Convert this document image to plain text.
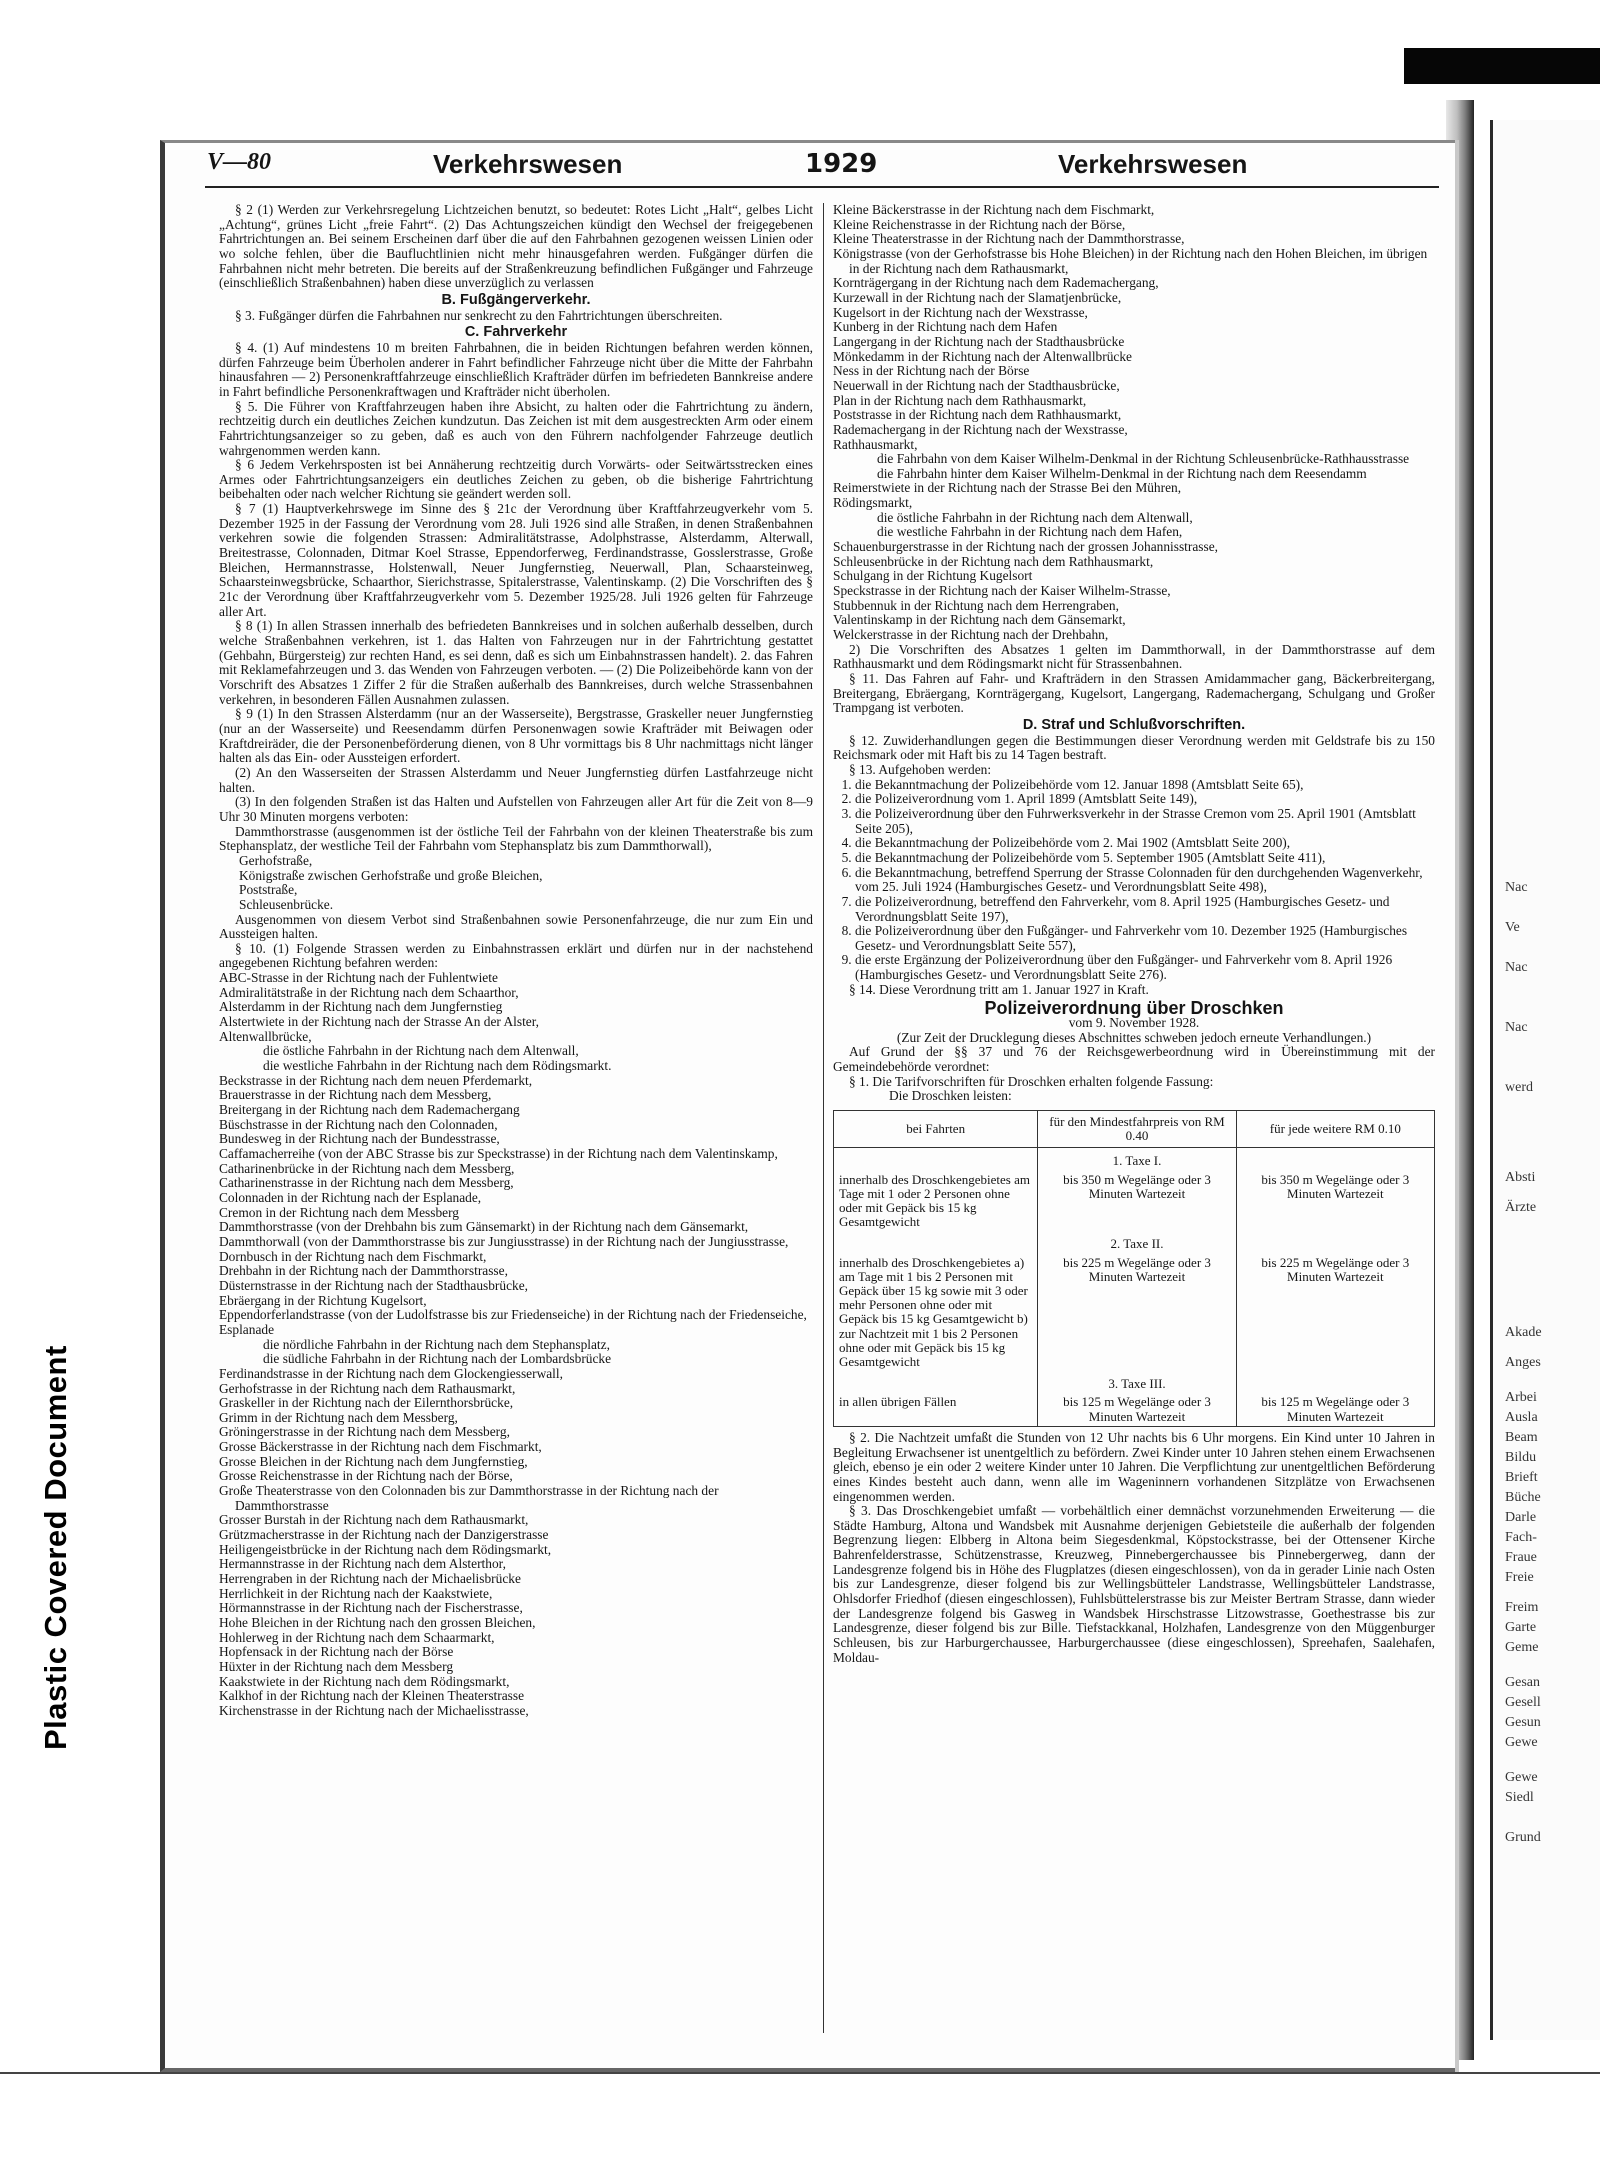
Nac
Ve
Nac
Nac
werd
Absti
Ärzte
Akade
Anges
Arbei
Ausla
Beam
Bildu
Brieft
Büche
Darle
Fach-
Fraue
Freie
Freim
Garte
Geme
Gesan
Gesell
Gesun
Gewe
Gewe
Siedl
Grund
Plastic Covered Document
V—80	Verkehrswesen	1929	Verkehrswesen

§ 2 (1) Werden zur Verkehrsregelung Lichtzeichen benutzt, so bedeutet: Rotes Licht „Halt“, gelbes Licht „Achtung“, grünes Licht „freie Fahrt“. (2) Das Achtungszeichen kündigt den Wechsel der freigegebenen Fahrtrichtungen an. Bei seinem Erscheinen darf über die auf den Fahrbahnen gezogenen weissen Linien oder wo solche fehlen, über die Baufluchtlinien nicht mehr hinausgefahren werden. Fußgänger dürfen die Fahrbahnen nicht mehr betreten. Die bereits auf der Straßenkreuzung befindlichen Fußgänger und Fahrzeuge (einschließlich Straßenbahnen) haben diese unverzüglich zu verlassen

B. Fußgängerverkehr.

§ 3. Fußgänger dürfen die Fahrbahnen nur senkrecht zu den Fahrtrichtungen überschreiten.

C. Fahrverkehr

§ 4. (1) Auf mindestens 10 m breiten Fahrbahnen, die in beiden Richtungen befahren werden können, dürfen Fahrzeuge beim Überholen anderer in Fahrt befindlicher Fahrzeuge nicht über die Mitte der Fahrbahn hinausfahren — 2) Personenkraftfahrzeuge einschließlich Krafträder dürfen im befriedeten Bannkreise andere in Fahrt befindliche Personenkraftwagen und Krafträder nicht überholen.

§ 5. Die Führer von Kraftfahrzeugen haben ihre Absicht, zu halten oder die Fahrtrichtung zu ändern, rechtzeitig durch ein deutliches Zeichen kundzutun. Das Zeichen ist mit dem ausgestreckten Arm oder einem Fahrtrichtungsanzeiger so zu geben, daß es auch von den Führern nachfolgender Fahrzeuge deutlich wahrgenommen werden kann.

§ 6 Jedem Verkehrsposten ist bei Annäherung rechtzeitig durch Vorwärts- oder Seitwärtsstrecken eines Armes oder Fahrtrichtungsanzeigers ein deutliches Zeichen zu geben, ob die bisherige Fahrtrichtung beibehalten oder nach welcher Richtung sie geändert werden soll.

§ 7 (1) Hauptverkehrswege im Sinne des § 21c der Verordnung über Kraftfahrzeugverkehr vom 5. Dezember 1925 in der Fassung der Verordnung vom 28. Juli 1926 sind alle Straßen, in denen Straßenbahnen verkehren sowie die folgenden Strassen: Admiralitätstrasse, Adolphstrasse, Alsterdamm, Alterwall, Breitestrasse, Colonnaden, Ditmar Koel Strasse, Eppendorferweg, Ferdinandstrasse, Gosslerstrasse, Große Bleichen, Hermannstrasse, Holstenwall, Neuer Jungfernstieg, Neuerwall, Plan, Schaarsteinweg, Schaarsteinwegsbrücke, Schaarthor, Sierichstrasse, Spitalerstrasse, Valentinskamp. (2) Die Vorschriften des § 21c der Verordnung über Kraftfahrzeugverkehr vom 5. Dezember 1925/28. Juli 1926 gelten für Fahrzeuge aller Art.

§ 8 (1) In allen Strassen innerhalb des befriedeten Bannkreises und in solchen außerhalb desselben, durch welche Straßenbahnen verkehren, ist 1. das Halten von Fahrzeugen nur in der Fahrtrichtung gestattet (Gehbahn, Bürgersteig) zur rechten Hand, es sei denn, daß es sich um Einbahnstrassen handelt). 2. das Fahren mit Reklamefahrzeugen und 3. das Wenden von Fahrzeugen verboten. — (2) Die Polizeibehörde kann von der Vorschrift des Absatzes 1 Ziffer 2 für die Straßen außerhalb des Bannkreises, durch welche Strassenbahnen verkehren, in besonderen Fällen Ausnahmen zulassen.

§ 9 (1) In den Strassen Alsterdamm (nur an der Wasserseite), Bergstrasse, Graskeller neuer Jungfernstieg (nur an der Wasserseite) und Reesendamm dürfen Personenwagen sowie Krafträder mit Beiwagen oder Kraftdreiräder, die der Personenbeförderung dienen, von 8 Uhr vormittags bis 8 Uhr nachmittags nicht länger halten als das Ein- oder Aussteigen erfordert.

(2) An den Wasserseiten der Strassen Alsterdamm und Neuer Jungfernstieg dürfen Lastfahrzeuge nicht halten.

(3) In den folgenden Straßen ist das Halten und Aufstellen von Fahrzeugen aller Art für die Zeit von 8—9 Uhr 30 Minuten morgens verboten:

Dammthorstrasse (ausgenommen ist der östliche Teil der Fahrbahn von der kleinen Theaterstraße bis zum Stephansplatz, der westliche Teil der Fahrbahn vom Stephansplatz bis zum Dammthorwall),

Gerhofstraße,
Königstraße zwischen Gerhofstraße und große Bleichen,
Poststraße,
Schleusenbrücke.

Ausgenommen von diesem Verbot sind Straßenbahnen sowie Personenfahrzeuge, die nur zum Ein und Aussteigen halten.

§ 10. (1) Folgende Strassen werden zu Einbahnstrassen erklärt und dürfen nur in der nachstehend angegebenen Richtung befahren werden:

ABC-Strasse in der Richtung nach der Fuhlentwiete
Admiralitätstraße in der Richtung nach dem Schaarthor,
Alsterdamm in der Richtung nach dem Jungfernstieg
Alstertwiete in der Richtung nach der Strasse An der Alster,
Altenwallbrücke,
die östliche Fahrbahn in der Richtung nach dem Altenwall,
die westliche Fahrbahn in der Richtung nach dem Rödingsmarkt.
Beckstrasse in der Richtung nach dem neuen Pferdemarkt,
Brauerstrasse in der Richtung nach dem Messberg,
Breitergang in der Richtung nach dem Rademachergang
Büschstrasse in der Richtung nach den Colonnaden,
Bundesweg in der Richtung nach der Bundesstrasse,
Caffamacherreihe (von der ABC Strasse bis zur Speckstrasse) in der Richtung nach dem Valentinskamp,
Catharinenbrücke in der Richtung nach dem Messberg,
Catharinenstrasse in der Richtung nach dem Messberg,
Colonnaden in der Richtung nach der Esplanade,
Cremon in der Richtung nach dem Messberg
Dammthorstrasse (von der Drehbahn bis zum Gänsemarkt) in der Richtung nach dem Gänsemarkt,
Dammthorwall (von der Dammthorstrasse bis zur Jungiusstrasse) in der Richtung nach der Jungiusstrasse,
Dornbusch in der Richtung nach dem Fischmarkt,
Drehbahn in der Richtung nach der Dammthorstrasse,
Düsternstrasse in der Richtung nach der Stadthausbrücke,
Ebräergang in der Richtung Kugelsort,
Eppendorferlandstrasse (von der Ludolfstrasse bis zur Friedenseiche) in der Richtung nach der Friedenseiche,
Esplanade
die nördliche Fahrbahn in der Richtung nach dem Stephansplatz,
die südliche Fahrbahn in der Richtung nach der Lombardsbrücke
Ferdinandstrasse in der Richtung nach dem Glockengiesserwall,
Gerhofstrasse in der Richtung nach dem Rathausmarkt,
Graskeller in der Richtung nach der Eilernthorsbrücke,
Grimm in der Richtung nach dem Messberg,
Gröningerstrasse in der Richtung nach dem Messberg,
Grosse Bäckerstrasse in der Richtung nach dem Fischmarkt,
Grosse Bleichen in der Richtung nach dem Jungfernstieg,
Grosse Reichenstrasse in der Richtung nach der Börse,
Große Theaterstrasse von den Colonnaden bis zur Dammthorstrasse in der Richtung nach der Dammthorstrasse
Grosser Burstah in der Richtung nach dem Rathausmarkt,
Grützmacherstrasse in der Richtung nach der Danzigerstrasse
Heiligengeistbrücke in der Richtung nach dem Rödingsmarkt,
Hermannstrasse in der Richtung nach dem Alsterthor,
Herrengraben in der Richtung nach der Michaelisbrücke
Herrlichkeit in der Richtung nach der Kaakstwiete,
Hörmannstrasse in der Richtung nach der Fischerstrasse,
Hohe Bleichen in der Richtung nach den grossen Bleichen,
Hohlerweg in der Richtung nach dem Schaarmarkt,
Hopfensack in der Richtung nach der Börse
Hüxter in der Richtung nach dem Messberg
Kaakstwiete in der Richtung nach dem Rödingsmarkt,
Kalkhof in der Richtung nach der Kleinen Theaterstrasse
Kirchenstrasse in der Richtung nach der Michaelisstrasse,
Kleine Bäckerstrasse in der Richtung nach dem Fischmarkt,
Kleine Reichenstrasse in der Richtung nach der Börse,
Kleine Theaterstrasse in der Richtung nach der Dammthorstrasse,
Königstrasse (von der Gerhofstrasse bis Hohe Bleichen) in der Richtung nach den Hohen Bleichen, im übrigen in der Richtung nach dem Rathausmarkt,
Kornträgergang in der Richtung nach dem Rademachergang,
Kurzewall in der Richtung nach der Slamatjenbrücke,
Kugelsort in der Richtung nach der Wexstrasse,
Kunberg in der Richtung nach dem Hafen
Langergang in der Richtung nach der Stadthausbrücke
Mönkedamm in der Richtung nach der Altenwallbrücke
Ness in der Richtung nach der Börse
Neuerwall in der Richtung nach der Stadthausbrücke,
Plan in der Richtung nach dem Rathhausmarkt,
Poststrasse in der Richtung nach dem Rathhausmarkt,
Rademachergang in der Richtung nach der Wexstrasse,
Rathhausmarkt,
die Fahrbahn von dem Kaiser Wilhelm-Denkmal in der Richtung Schleusenbrücke-Rathhausstrasse
die Fahrbahn hinter dem Kaiser Wilhelm-Denkmal in der Richtung nach dem Reesendamm
Reimerstwiete in der Richtung nach der Strasse Bei den Mühren,
Rödingsmarkt,
die östliche Fahrbahn in der Richtung nach dem Altenwall,
die westliche Fahrbahn in der Richtung nach dem Hafen,
Schauenburgerstrasse in der Richtung nach der grossen Johannisstrasse,
Schleusenbrücke in der Richtung nach dem Rathhausmarkt,
Schulgang in der Richtung Kugelsort
Speckstrasse in der Richtung nach der Kaiser Wilhelm-Strasse,
Stubbennuk in der Richtung nach dem Herrengraben,
Valentinskamp in der Richtung nach dem Gänsemarkt,
Welckerstrasse in der Richtung nach der Drehbahn,

2) Die Vorschriften des Absatzes 1 gelten im Dammthorwall, in der Dammthorstrasse auf dem Rathhausmarkt und dem Rödingsmarkt nicht für Strassenbahnen.

§ 11. Das Fahren auf Fahr- und Krafträdern in den Strassen Amidammacher gang, Bäckerbreitergang, Breitergang, Ebräergang, Kornträgergang, Kugelsort, Langergang, Rademachergang, Schulgang und Großer Trampgang ist verboten.

D. Straf und Schlußvorschriften.

§ 12. Zuwiderhandlungen gegen die Bestimmungen dieser Verordnung werden mit Geldstrafe bis zu 150 Reichsmark oder mit Haft bis zu 14 Tagen bestraft.

§ 13. Aufgehoben werden:

1. die Bekanntmachung der Polizeibehörde vom 12. Januar 1898 (Amtsblatt Seite 65),
2. die Polizeiverordnung vom 1. April 1899 (Amtsblatt Seite 149),
3. die Polizeiverordnung über den Fuhrwerksverkehr in der Strasse Cremon vom 25. April 1901 (Amtsblatt Seite 205),
4. die Bekanntmachung der Polizeibehörde vom 2. Mai 1902 (Amtsblatt Seite 200),
5. die Bekanntmachung der Polizeibehörde vom 5. September 1905 (Amtsblatt Seite 411),
6. die Bekanntmachung, betreffend Sperrung der Strasse Colonnaden für den durchgehenden Wagenverkehr, vom 25. Juli 1924 (Hamburgisches Gesetz- und Verordnungsblatt Seite 498),
7. die Polizeiverordnung, betreffend den Fahrverkehr, vom 8. April 1925 (Hamburgisches Gesetz- und Verordnungsblatt Seite 197),
8. die Polizeiverordnung über den Fußgänger- und Fahrverkehr vom 10. Dezember 1925 (Hamburgisches Gesetz- und Verordnungsblatt Seite 557),
9. die erste Ergänzung der Polizeiverordnung über den Fußgänger- und Fahrverkehr vom 8. April 1926 (Hamburgisches Gesetz- und Verordnungsblatt Seite 276).

§ 14. Diese Verordnung tritt am 1. Januar 1927 in Kraft.

Polizeiverordnung über Droschken
vom 9. November 1928.
(Zur Zeit der Drucklegung dieses Abschnittes schweben jedoch erneute Verhandlungen.)

Auf Grund der §§ 37 und 76 der Reichsgewerbeordnung wird in Übereinstimmung mit der Gemeindebehörde verordnet:

§ 1. Die Tarifvorschriften für Droschken erhalten folgende Fassung:

Die Droschken leisten:

bei Fahrten	für den Mindestfahrpreis von RM 0.40	für jede weitere RM 0.10
	1. Taxe I.	
innerhalb des Droschkengebietes am Tage mit 1 oder 2 Personen ohne oder mit Gepäck bis 15 kg Gesamtgewicht	bis 350 m Wegelänge oder 3 Minuten Wartezeit	bis 350 m Wegelänge oder 3 Minuten Wartezeit
	2. Taxe II.	
innerhalb des Droschkengebietes a) am Tage mit 1 bis 2 Personen mit Gepäck über 15 kg sowie mit 3 oder mehr Personen ohne oder mit Gepäck bis 15 kg Gesamtgewicht b) zur Nachtzeit mit 1 bis 2 Personen ohne oder mit Gepäck bis 15 kg Gesamtgewicht	bis 225 m Wegelänge oder 3 Minuten Wartezeit	bis 225 m Wegelänge oder 3 Minuten Wartezeit
	3. Taxe III.	
in allen übrigen Fällen	bis 125 m Wegelänge oder 3 Minuten Wartezeit	bis 125 m Wegelänge oder 3 Minuten Wartezeit

§ 2. Die Nachtzeit umfaßt die Stunden von 12 Uhr nachts bis 6 Uhr morgens. Ein Kind unter 10 Jahren in Begleitung Erwachsener ist unentgeltlich zu befördern. Zwei Kinder unter 10 Jahren stehen einem Erwachsenen gleich, ebenso je ein oder 2 weitere Kinder unter 10 Jahren. Die Verpflichtung zur unentgeltlichen Beförderung eines Kindes besteht auch dann, wenn alle im Wageninnern vorhandenen Sitzplätze von Erwachsenen eingenommen werden.

§ 3. Das Droschkengebiet umfaßt — vorbehältlich einer demnächst vorzunehmenden Erweiterung — die Städte Hamburg, Altona und Wandsbek mit Ausnahme derjenigen Gebietsteile die außerhalb der folgenden Begrenzung liegen: Elbberg in Altona beim Siegesdenkmal, Köpstockstrasse, bei der Ottensener Kirche Bahrenfelderstrasse, Schützenstrasse, Kreuzweg, Pinnebergerchaussee bis Pinnebergerweg, dann der Landesgrenze folgend bis in Höhe des Flugplatzes (diesen eingeschlossen), von da in gerader Linie nach Osten bis zur Landesgrenze, dieser folgend bis zur Wellingsbütteler Landstrasse, Wellingsbütteler Landstrasse, Ohlsdorfer Friedhof (diesen eingeschlossen), Fuhlsbüttelerstrasse bis zur Meister Bertram Strasse, dann wieder der Landesgrenze folgend bis Gasweg in Wandsbek Hirschstrasse Litzowstrasse, Goethestrasse bis zur Landesgrenze, dieser folgend bis zur Bille. Tiefstackkanal, Holzhafen, Landesgrenze von den Müggenburger Schleusen, bis zur Harburgerchaussee, Harburgerchaussee (diese eingeschlossen), Spreehafen, Saalehafen, Moldau-
